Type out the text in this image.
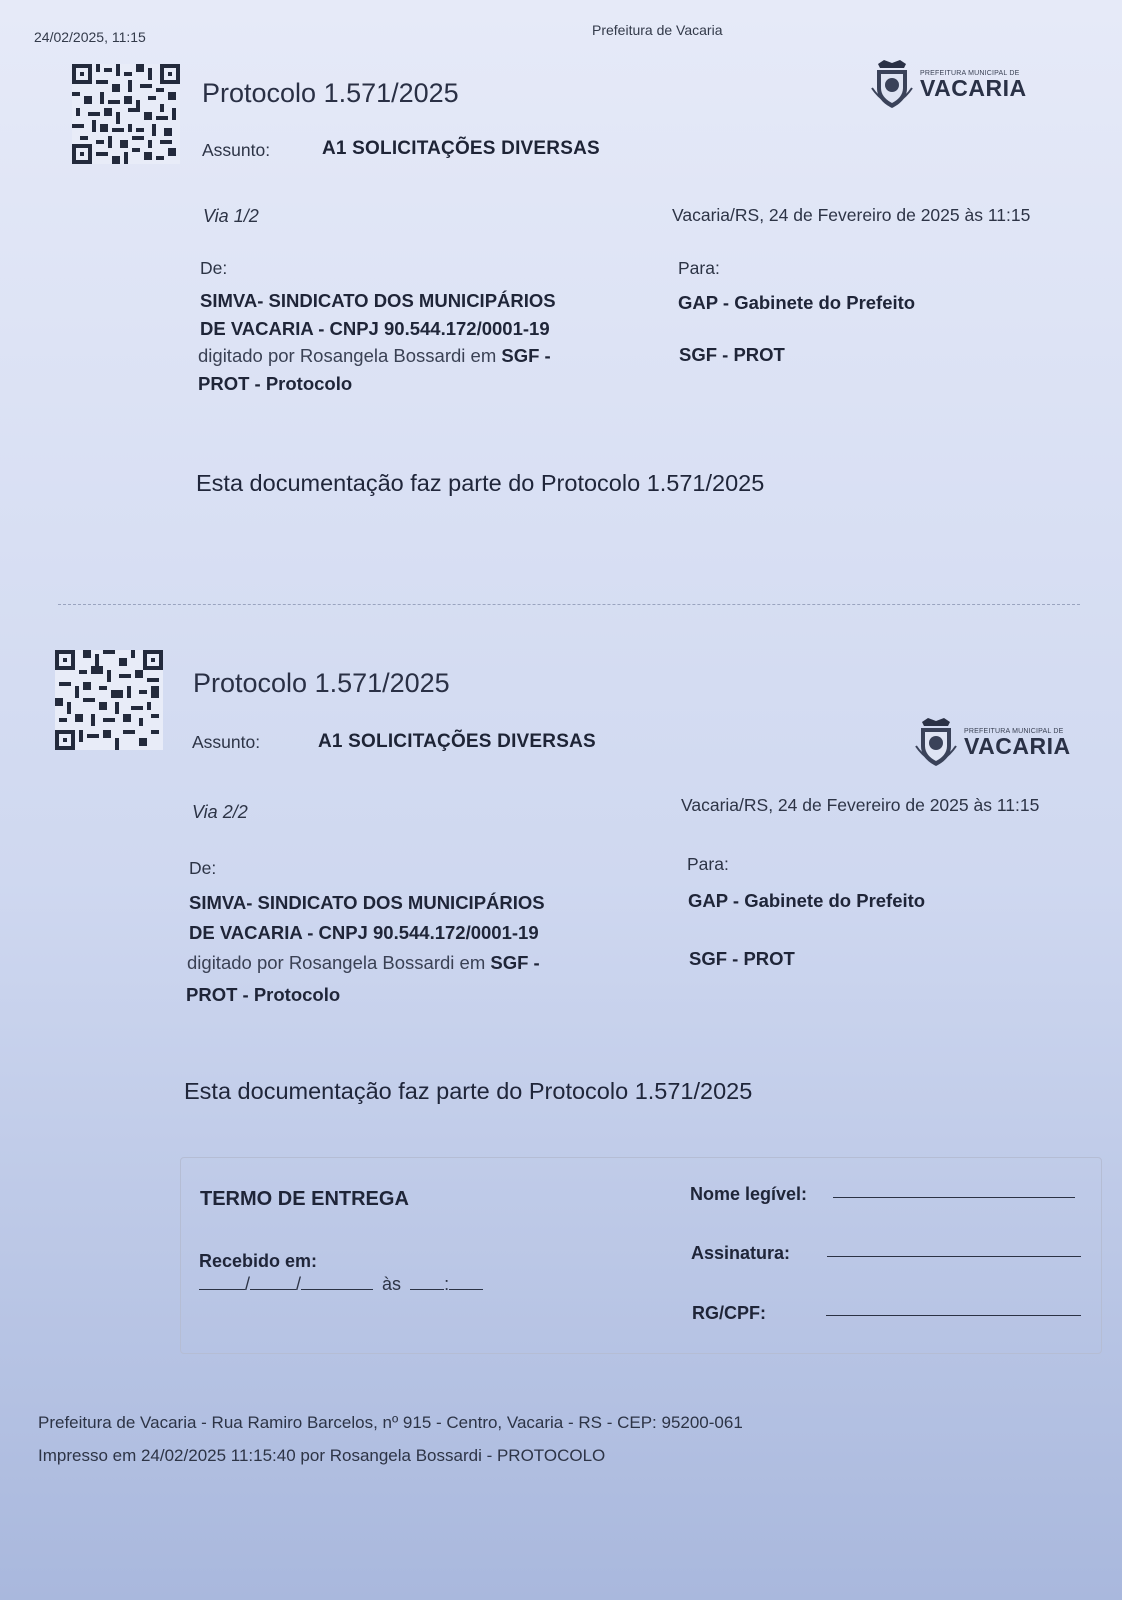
24/02/2025, 11:15	Prefeitura de Vacaria
Protocolo 1.571/2025
Assunto:	A1 SOLICITAÇÕES DIVERSAS
PREFEITURA MUNICIPAL DE
VACARIA
Via 1/2	Vacaria/RS, 24 de Fevereiro de 2025 às 11:15
De:
SIMVA- SINDICATO DOS MUNICIPÁRIOS
DE VACARIA - CNPJ 90.544.172/0001-19
digitado por Rosangela Bossardi em SGF -
PROT - Protocolo
Para:
GAP - Gabinete do Prefeito
SGF - PROT
Esta documentação faz parte do Protocolo 1.571/2025
Protocolo 1.571/2025
Assunto:	A1 SOLICITAÇÕES DIVERSAS	PREFEITURA MUNICIPAL DE
VACARIA
Via 2/2	Vacaria/RS, 24 de Fevereiro de 2025 às 11:15
De:
SIMVA- SINDICATO DOS MUNICIPÁRIOS
DE VACARIA - CNPJ 90.544.172/0001-19
digitado por Rosangela Bossardi em SGF -
PROT - Protocolo
Para:
GAP - Gabinete do Prefeito
SGF - PROT
Esta documentação faz parte do Protocolo 1.571/2025
TERMO DE ENTREGA
Recebido em:
/	/	às :
Nome legível:
Assinatura:
RG/CPF:
Prefeitura de Vacaria - Rua Ramiro Barcelos, nº 915 - Centro, Vacaria - RS - CEP: 95200-061
Impresso em 24/02/2025 11:15:40 por Rosangela Bossardi - PROTOCOLO
